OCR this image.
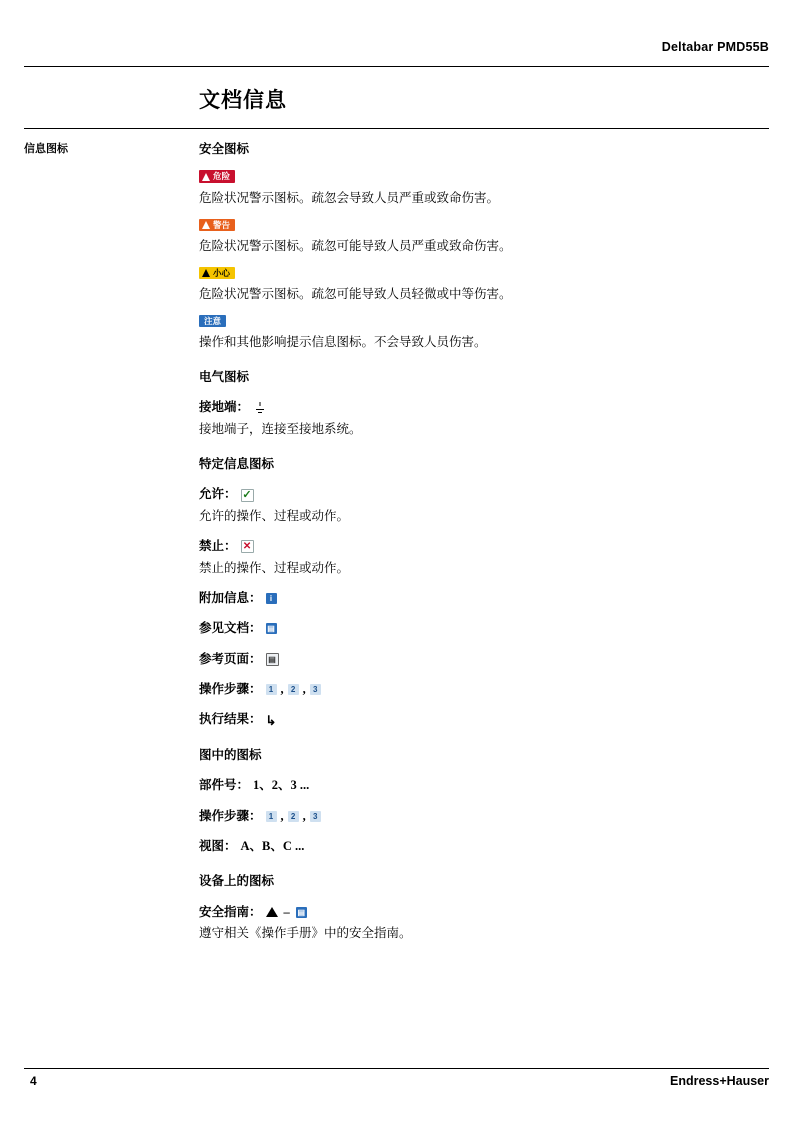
Deltabar PMD55B
文档信息
信息图标	安全图标
危险
危险状况警示图标。疏忽会导致人员严重或致命伤害。
警告
危险状况警示图标。疏忽可能导致人员严重或致命伤害。
小心
危险状况警示图标。疏忽可能导致人员轻微或中等伤害。
注意
操作和其他影响提示信息图标。不会导致人员伤害。
电气图标
接地端：
接地端子，连接至接地系统。
特定信息图标
允许： ✓
允许的操作、过程或动作。
禁止： ✕
禁止的操作、过程或动作。
附加信息：	i
参见文档： ▤
参考页面： ▤
操作步骤： 1 , 2 , 3
执行结果： ↳
图中的图标
部件号： 1、2、3 ...
操作步骤： 1 , 2 , 3
视图： A、B、C ...
设备上的图标
安全指南： – ▤
遵守相关《操作手册》中的安全指南。
4	Endress+Hauser
